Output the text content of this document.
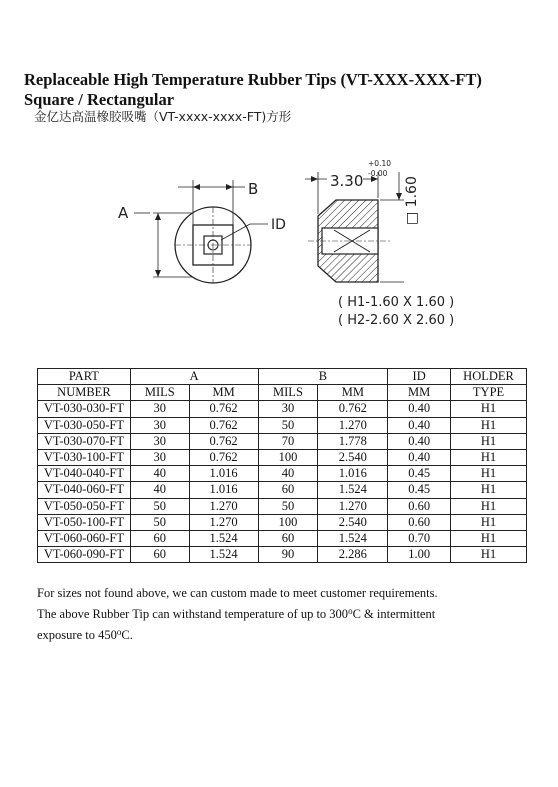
Replaceable High Temperature Rubber Tips (VT-XXX-XXX-FT)
Square / Rectangular
金亿达高温橡胶吸嘴（VT-xxxx-xxxx-FT)方形
A
B
ID
3.30
+0.10
-0.00
□ 1.60
( H1-1.60 X 1.60 )
( H2-2.60 X 2.60 )
PART	A		B		ID	HOLDER
NUMBER	MILS	MM	MILS	MM	MM	TYPE
VT-030-030-FT	30	0.762	30	0.762	0.40	H1
VT-030-050-FT	30	0.762	50	1.270	0.40	H1
VT-030-070-FT	30	0.762	70	1.778	0.40	H1
VT-030-100-FT	30	0.762	100	2.540	0.40	H1
VT-040-040-FT	40	1.016	40	1.016	0.45	H1
VT-040-060-FT	40	1.016	60	1.524	0.45	H1
VT-050-050-FT	50	1.270	50	1.270	0.60	H1
VT-050-100-FT	50	1.270	100	2.540	0.60	H1
VT-060-060-FT	60	1.524	60	1.524	0.70	H1
VT-060-090-FT	60	1.524	90	2.286	1.00	H1
For sizes not found above, we can custom made to meet customer requirements.
The above Rubber Tip can withstand temperature of up to 300$^o$C & intermittent
exposure to 450$^o$C.
